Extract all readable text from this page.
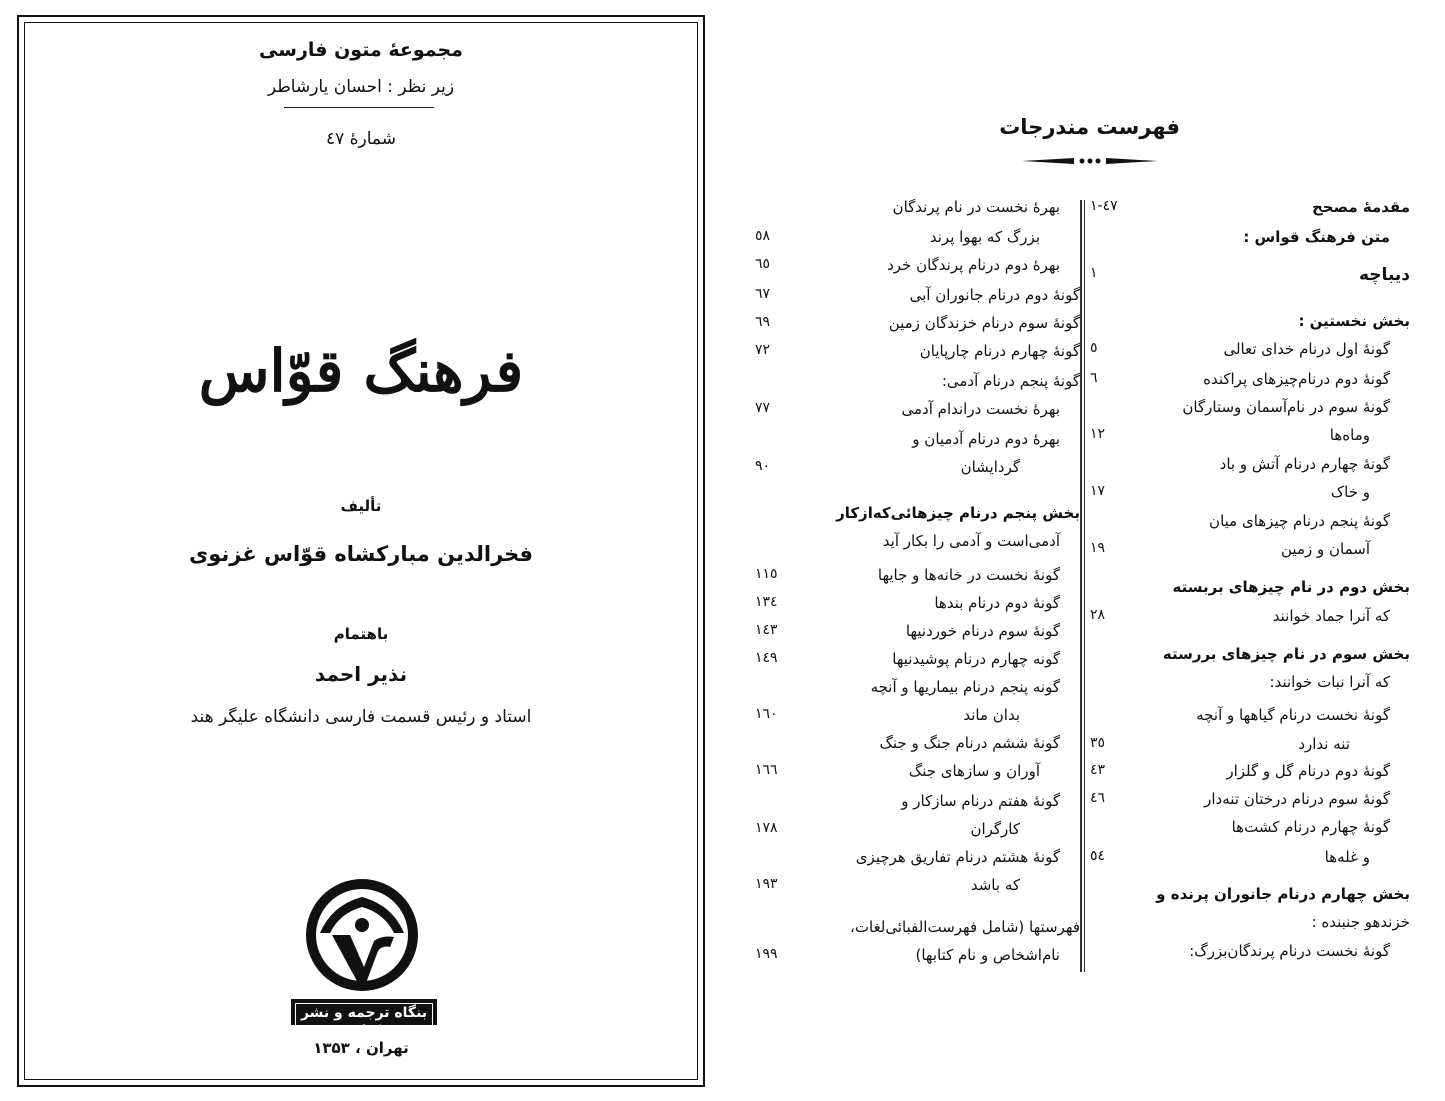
مجموعهٔ متون فارسی
زیر نظر : احسان یارشاطر
شمارهٔ ٤٧
فرهنگ قوّاس
تألیف
فخرالدین مبارکشاه قوّاس غزنوی
باهتمام
نذیر احمد
استاد و رئیس قسمت فارسی دانشگاه علیگر هند
بنگاه ترجمه و نشر کتاب
تهران ، ۱۳۵۳
فهرست مندرجات
مقدمهٔ مصحح
۱-٤٧
متن فرهنگ قواس :
دیباچه
۱
بخش نخستین :
گونهٔ اول درنام خدای تعالی
٥
گونهٔ دوم درنام‌چیزهای پراکنده
٦
گونهٔ سوم در نام‌آسمان وستارگان
وماه‌ها
۱۲
گونهٔ چهارم درنام آتش و باد
و خاک
۱۷
گونهٔ پنجم درنام چیزهای میان
آسمان و زمین
۱۹
بخش دوم در نام چیزهای بربسته
که آنرا جماد خوانند
۲۸
بخش سوم در نام چیزهای بررسته
که آنرا نبات خوانند:
گونهٔ نخست درنام گیاهها و آنچه
تنه ندارد
۳٥
گونهٔ دوم درنام گل و گلزار
٤۳
گونهٔ سوم درنام درختان تنه‌دار
٤٦
گونهٔ چهارم درنام کشت‌ها
و غله‌ها
٥٤
بخش چهارم درنام جانوران پرنده و
خزندهو جنبنده :
گونهٔ نخست درنام پرندگان‌بزرگ:
بهرهٔ نخست در نام پرندگان
بزرگ که بهوا پرند
٥۸
بهرهٔ دوم درنام پرندگان خرد
٦٥
گونهٔ دوم درنام جانوران آبی
٦٧
گونهٔ سوم درنام خزندگان زمین
٦٩
گونهٔ چهارم درنام چارپایان
۷۲
گونهٔ پنجم درنام آدمی:
بهرهٔ نخست درانداﻡ آدمی
۷۷
بهرهٔ دوم درنام آدمیان و
گردایشان
۹۰
بخش پنجم درنام چیزهائی‌که‌ازکار
آدمی‌است و آدمی را بکار آید
گونهٔ نخست در خانه‌ها و جایها
۱۱٥
گونهٔ دوم درنام بندها
۱۳٤
گونهٔ سوم درنام خوردنیها
۱٤۳
گونه چهارم درنام پوشیدنیها
۱٤۹
گونه پنجم درنام بیماریها و آنچه
بدان ماند
۱٦۰
گونهٔ ششم درنام جنگ و جنگ
آوران و سازهای جنگ
۱٦٦
گونهٔ هفتم درنام سازکار و
کارگران
۱۷۸
گونهٔ هشتم درنام تفاریق هرچیزی
که باشد
۱۹۳
فهرستها (شامل فهرست‌الفبائی‌لغات،
نام‌اشخاص و نام کتابها)
۱۹۹
